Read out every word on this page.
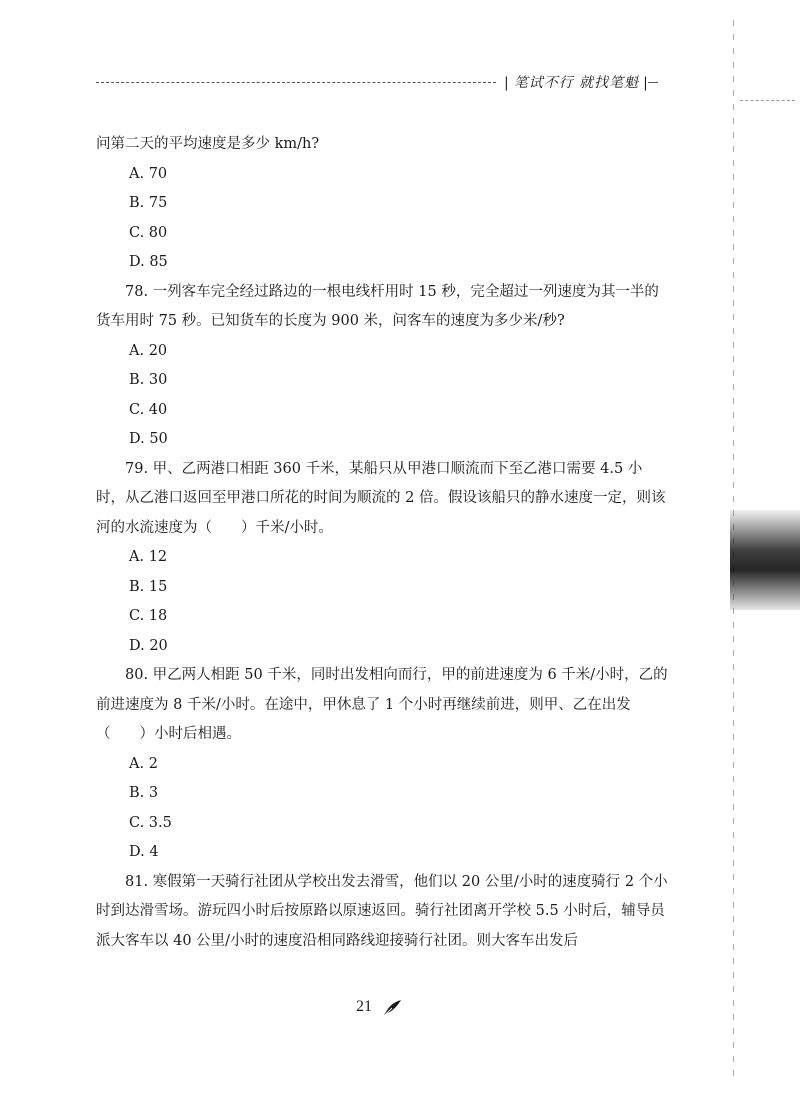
| 笔试不行 就找笔魁 |

问第二天的平均速度是多少 km/h?

A. 70

B. 75

C. 80

D. 85

78. 一列客车完全经过路边的一根电线杆用时 15 秒，完全超过一列速度为其一半的货车用时 75 秒。已知货车的长度为 900 米，问客车的速度为多少米/秒?

A. 20

B. 30

C. 40

D. 50

79. 甲、乙两港口相距 360 千米，某船只从甲港口顺流而下至乙港口需要 4.5 小时，从乙港口返回至甲港口所花的时间为顺流的 2 倍。假设该船只的静水速度一定，则该河的水流速度为（　　）千米/小时。

A. 12

B. 15

C. 18

D. 20

80. 甲乙两人相距 50 千米，同时出发相向而行，甲的前进速度为 6 千米/小时，乙的前进速度为 8 千米/小时。在途中，甲休息了 1 个小时再继续前进，则甲、乙在出发（　　）小时后相遇。

A. 2

B. 3

C. 3.5

D. 4

81. 寒假第一天骑行社团从学校出发去滑雪，他们以 20 公里/小时的速度骑行 2 个小时到达滑雪场。游玩四小时后按原路以原速返回。骑行社团离开学校 5.5 小时后，辅导员派大客车以 40 公里/小时的速度沿相同路线迎接骑行社团。则大客车出发后

21
